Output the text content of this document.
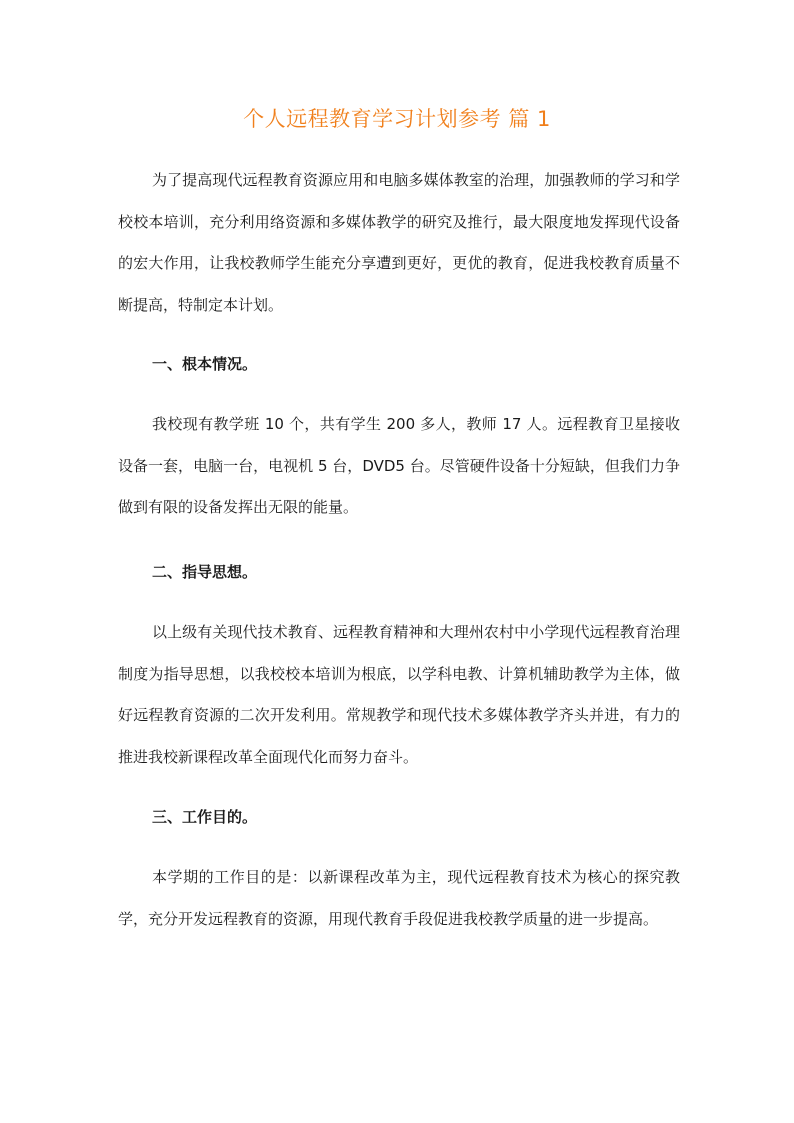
个人远程教育学习计划参考 篇 1
为了提高现代远程教育资源应用和电脑多媒体教室的治理，加强教师的学习和学校校本培训，充分利用络资源和多媒体教学的研究及推行，最大限度地发挥现代设备的宏大作用，让我校教师学生能充分享遭到更好，更优的教育，促进我校教育质量不断提高，特制定本计划。
一、根本情况。
我校现有教学班 10 个，共有学生 200 多人，教师 17 人。远程教育卫星接收设备一套，电脑一台，电视机 5 台，DVD5 台。尽管硬件设备十分短缺，但我们力争做到有限的设备发挥出无限的能量。
二、指导思想。
以上级有关现代技术教育、远程教育精神和大理州农村中小学现代远程教育治理制度为指导思想，以我校校本培训为根底，以学科电教、计算机辅助教学为主体，做好远程教育资源的二次开发利用。常规教学和现代技术多媒体教学齐头并进，有力的推进我校新课程改革全面现代化而努力奋斗。
三、工作目的。
本学期的工作目的是：以新课程改革为主，现代远程教育技术为核心的探究教学，充分开发远程教育的资源，用现代教育手段促进我校教学质量的进一步提高。
